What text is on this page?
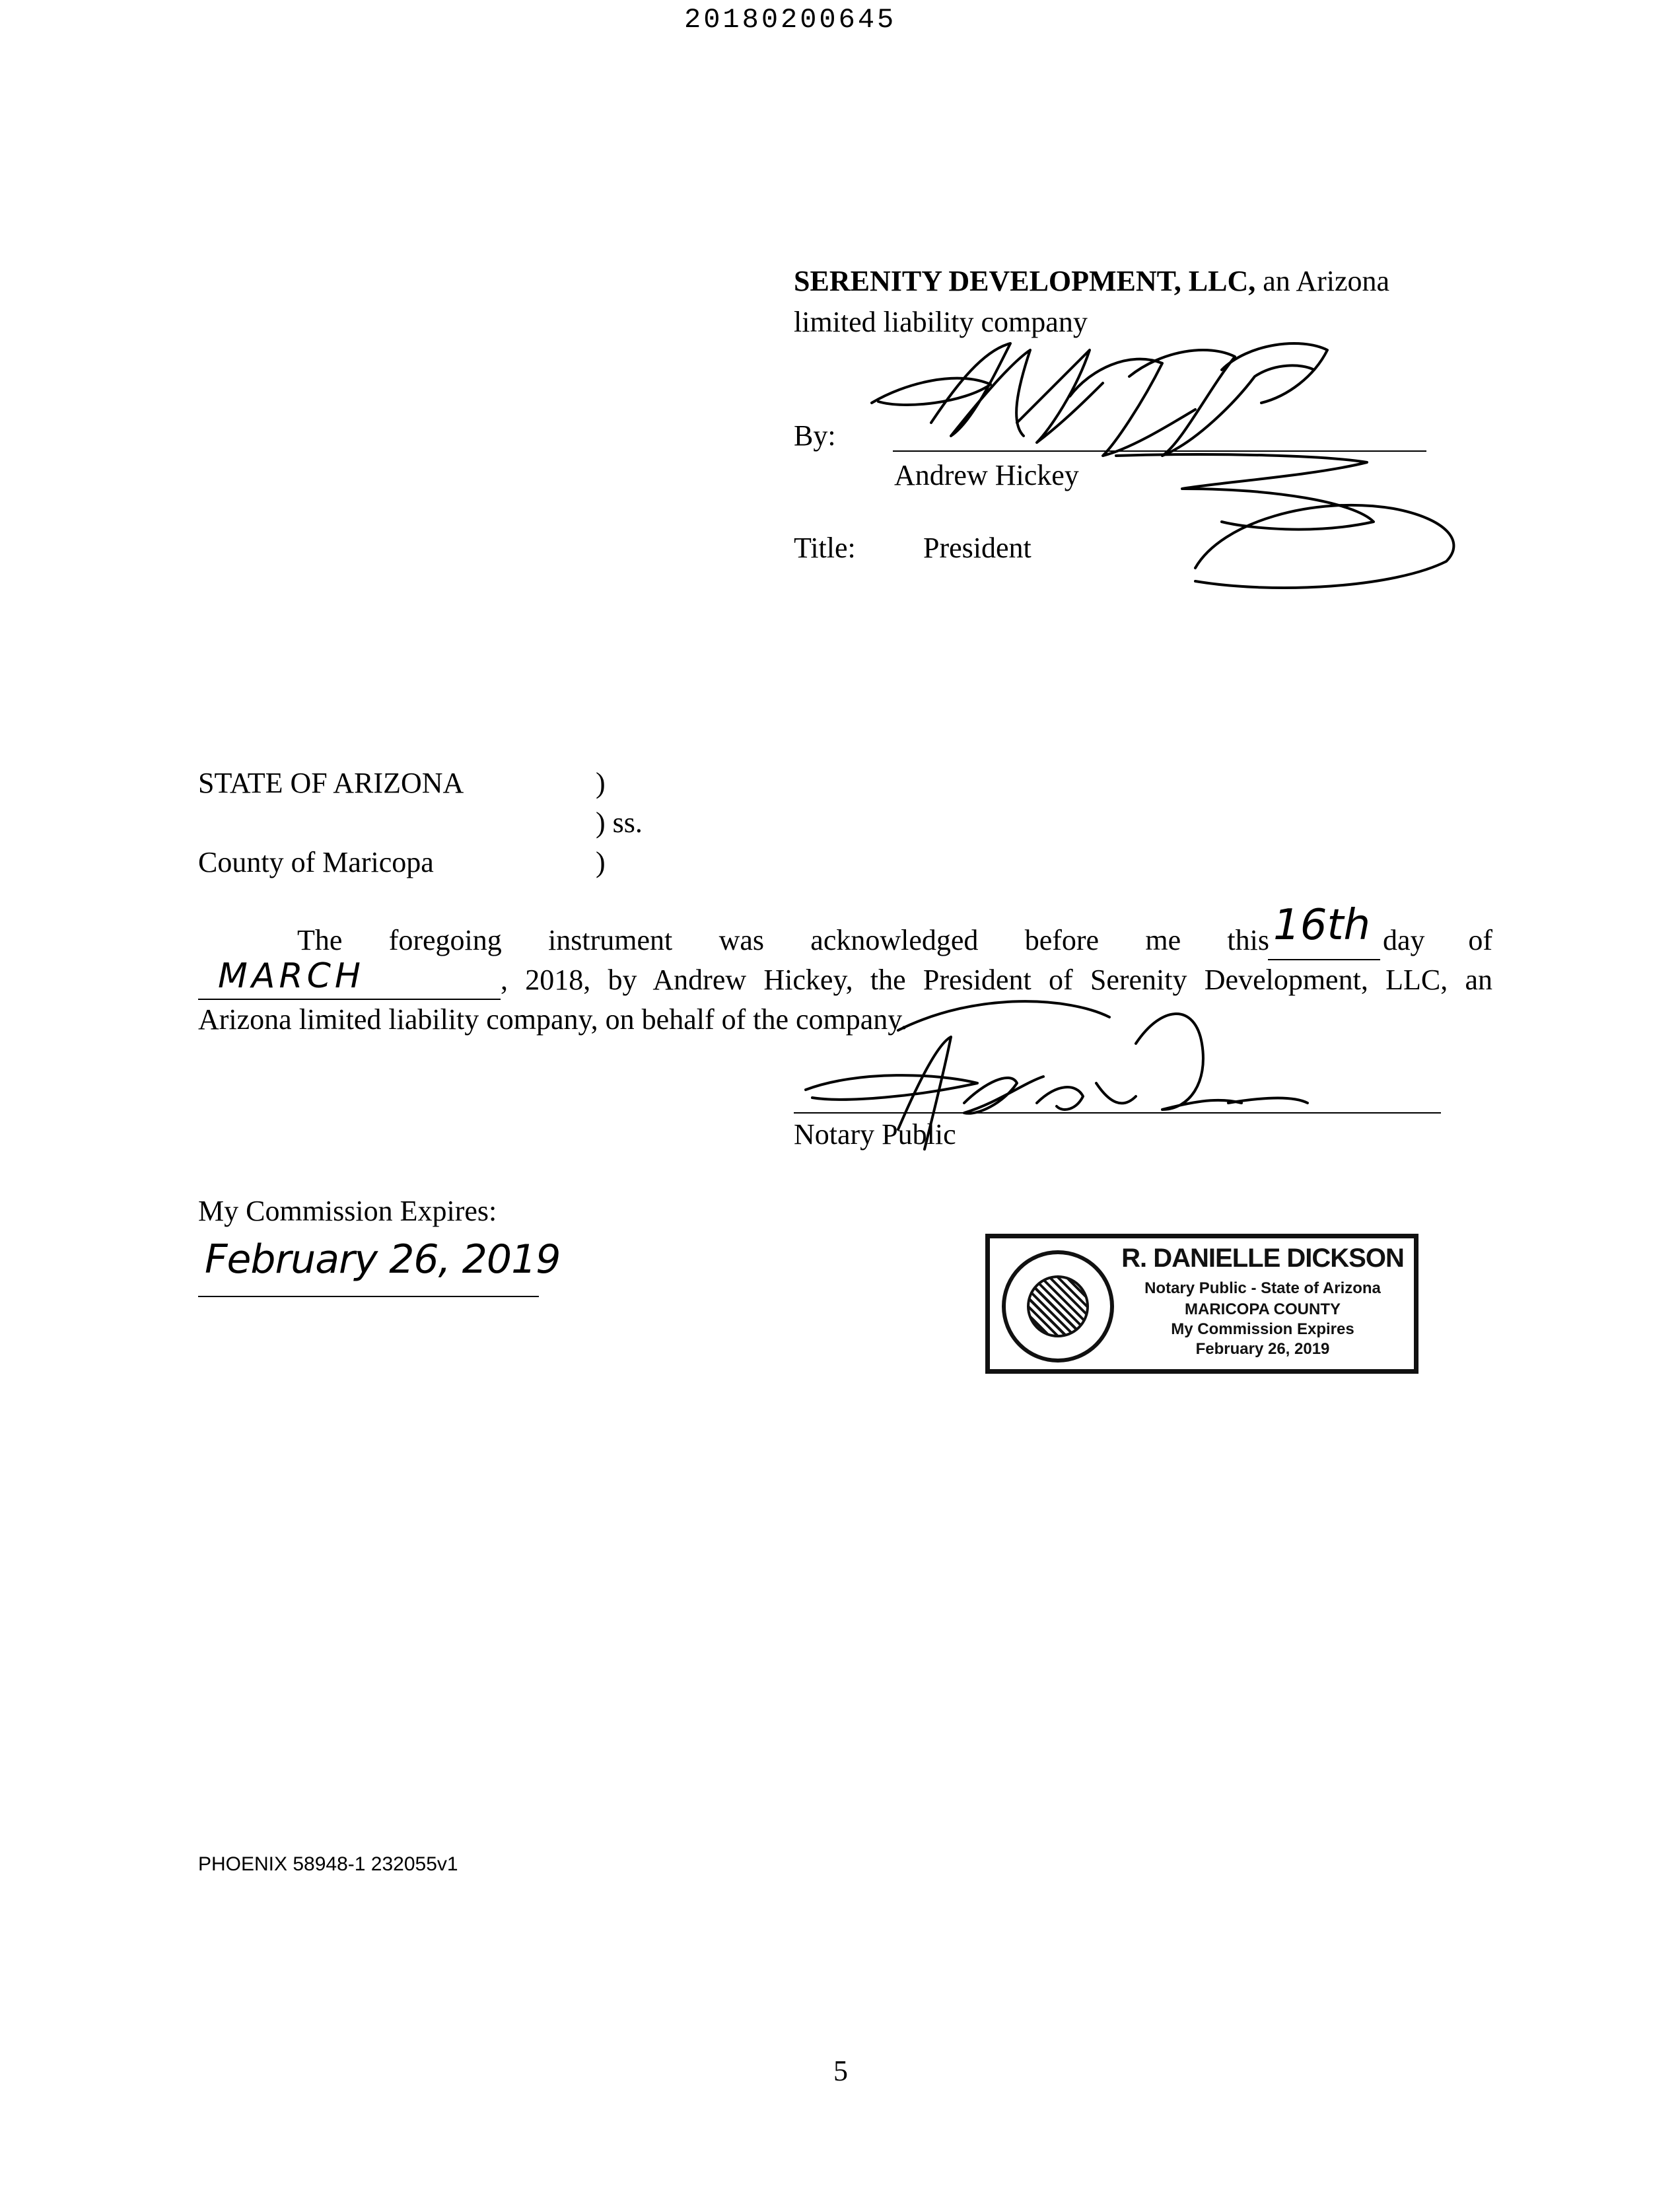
20180200645
SERENITY DEVELOPMENT, LLC, an Arizona
limited liability company
By:
Andrew Hickey
Title: President
STATE OF ARIZONA	)
) ss.
County of Maricopa	)
The foregoing instrument was acknowledged before me this 16th day of
MARCH	, 2018, by Andrew Hickey, the President of Serenity Development, LLC, an
Arizona limited liability company, on behalf of the company.
Notary Public
My Commission Expires:
February 26, 2019	R. DANIELLE DICKSON
Notary Public - State of Arizona
MARICOPA COUNTY
My Commission Expires
February 26, 2019
PHOENIX 58948-1 232055v1
5
